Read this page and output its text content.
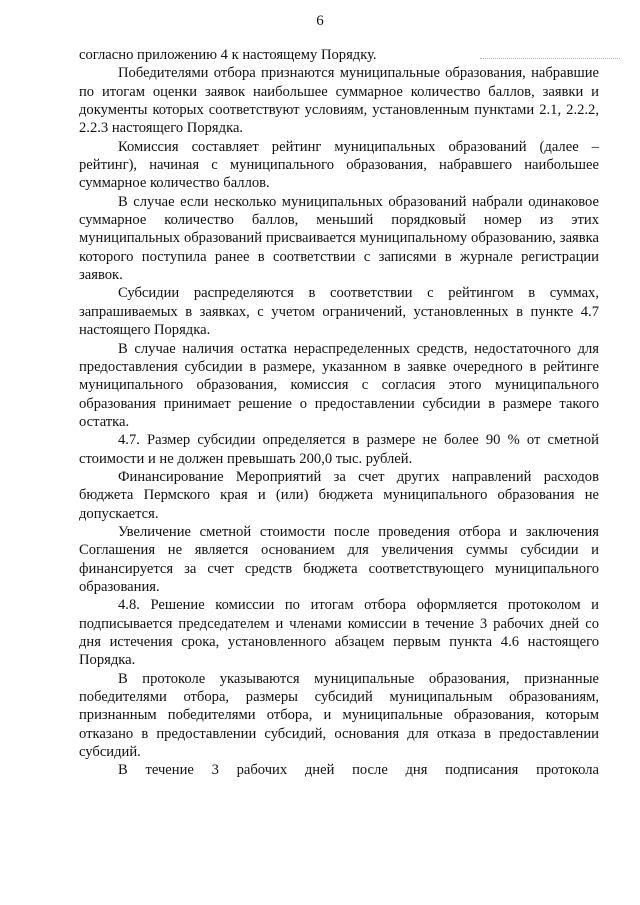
6

согласно приложению 4 к настоящему Порядку.

Победителями отбора признаются муниципальные образования, набравшие по итогам оценки заявок наибольшее суммарное количество баллов, заявки и документы которых соответствуют условиям, установленным пунктами 2.1, 2.2.2, 2.2.3 настоящего Порядка.

Комиссия составляет рейтинг муниципальных образований (далее – рейтинг), начиная с муниципального образования, набравшего наибольшее суммарное количество баллов.

В случае если несколько муниципальных образований набрали одинаковое суммарное количество баллов, меньший порядковый номер из этих муниципальных образований присваивается муниципальному образованию, заявка которого поступила ранее в соответствии с записями в журнале регистрации заявок.

Субсидии распределяются в соответствии с рейтингом в суммах, запрашиваемых в заявках, с учетом ограничений, установленных в пункте 4.7 настоящего Порядка.

В случае наличия остатка нераспределенных средств, недостаточного для предоставления субсидии в размере, указанном в заявке очередного в рейтинге муниципального образования, комиссия с согласия этого муниципального образования принимает решение о предоставлении субсидии в размере такого остатка.

4.7. Размер субсидии определяется в размере не более 90 % от сметной стоимости и не должен превышать 200,0 тыс. рублей.

Финансирование Мероприятий за счет других направлений расходов бюджета Пермского края и (или) бюджета муниципального образования не допускается.

Увеличение сметной стоимости после проведения отбора и заключения Соглашения не является основанием для увеличения суммы субсидии и финансируется за счет средств бюджета соответствующего муниципального образования.

4.8. Решение комиссии по итогам отбора оформляется протоколом и подписывается председателем и членами комиссии в течение 3 рабочих дней со дня истечения срока, установленного абзацем первым пункта 4.6 настоящего Порядка.

В протоколе указываются муниципальные образования, признанные победителями отбора, размеры субсидий муниципальным образованиям, признанным победителями отбора, и муниципальные образования, которым отказано в предоставлении субсидий, основания для отказа в предоставлении субсидий.

В течение 3 рабочих дней после дня подписания протокола
